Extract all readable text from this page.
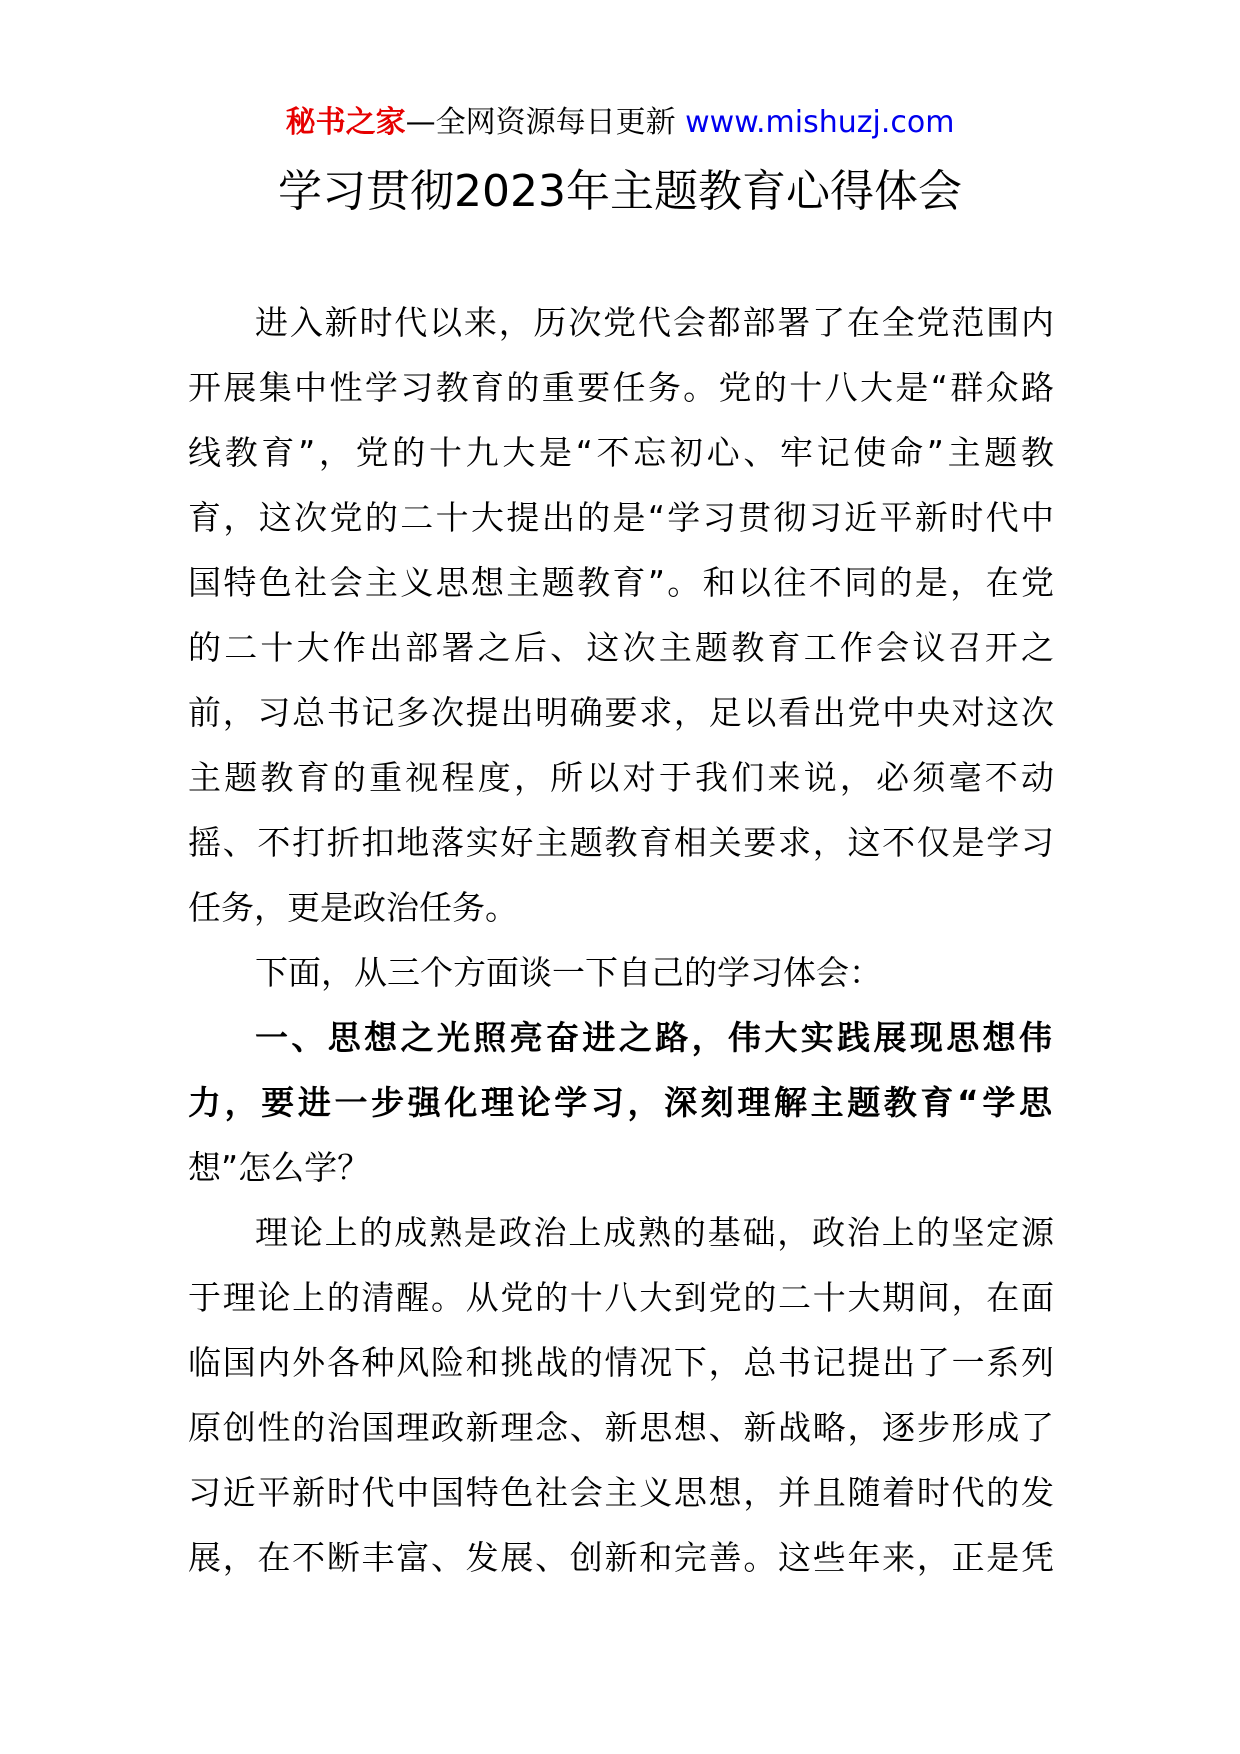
秘书之家—全网资源每日更新 www.mishuzj.com
学习贯彻2023年主题教育心得体会
进入新时代以来，历次党代会都部署了在全党范围内
开展集中性学习教育的重要任务。党的十八大是“群众路
线教育”，党的十九大是“不忘初心、牢记使命”主题教
育，这次党的二十大提出的是“学习贯彻习近平新时代中
国特色社会主义思想主题教育”。和以往不同的是，在党
的二十大作出部署之后、这次主题教育工作会议召开之
前，习总书记多次提出明确要求，足以看出党中央对这次
主题教育的重视程度，所以对于我们来说，必须毫不动
摇、不打折扣地落实好主题教育相关要求，这不仅是学习
任务，更是政治任务。
下面，从三个方面谈一下自己的学习体会：
一、思想之光照亮奋进之路，伟大实践展现思想伟
力，要进一步强化理论学习，深刻理解主题教育“学思
想”怎么学？
理论上的成熟是政治上成熟的基础，政治上的坚定源
于理论上的清醒。从党的十八大到党的二十大期间，在面
临国内外各种风险和挑战的情况下，总书记提出了一系列
原创性的治国理政新理念、新思想、新战略，逐步形成了
习近平新时代中国特色社会主义思想，并且随着时代的发
展，在不断丰富、发展、创新和完善。这些年来，正是凭
